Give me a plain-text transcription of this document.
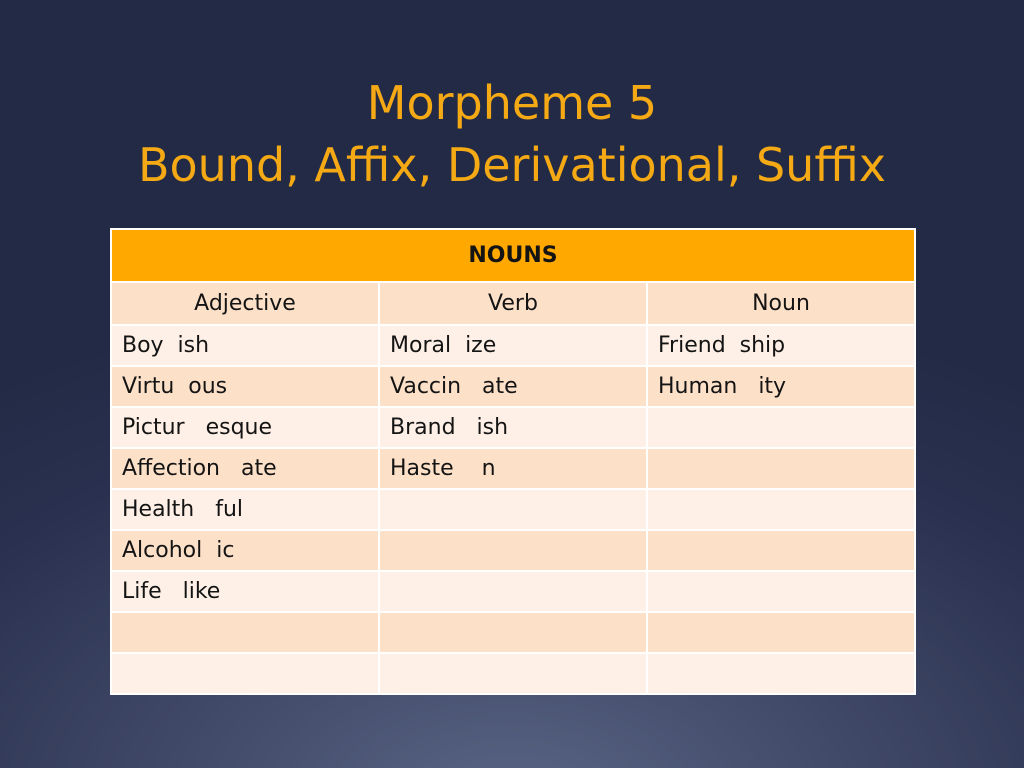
Morpheme 5
Bound, Affix, Derivational, Suffix
NOUNS		
Adjective	Verb	Noun
Boy  ish	Moral  ize	Friend  ship
Virtu  ous	Vaccin   ate	Human   ity
Pictur   esque	Brand   ish	
Affection   ate	Haste    n	
Health   ful		
Alcohol  ic		
Life   like		
